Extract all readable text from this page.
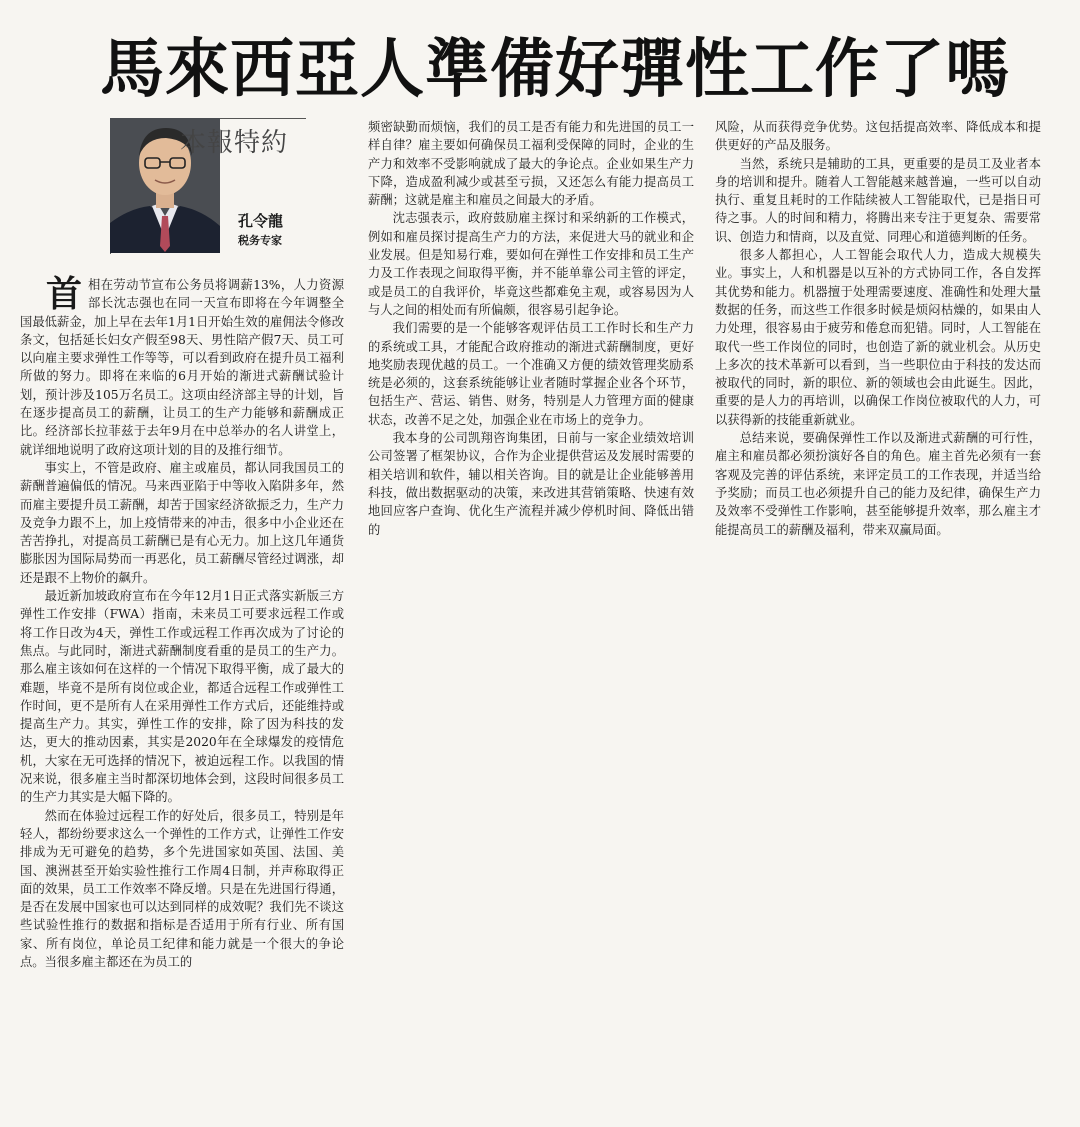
馬來西亞人準備好彈性工作了嗎
本報特約
孔令龍
税务专家

首相在劳动节宣布公务员将调薪13%，人力资源部长沈志强也在同一天宣布即将在今年调整全国最低薪金，加上早在去年1月1日开始生效的雇佣法令修改条文，包括延长妇女产假至98天、男性陪产假7天、员工可以向雇主要求弹性工作等等，可以看到政府在提升员工福利所做的努力。即将在来临的6月开始的渐进式薪酬试验计划，预计涉及105万名员工。这项由经济部主导的计划，旨在逐步提高员工的薪酬，让员工的生产力能够和薪酬成正比。经济部长拉菲兹于去年9月在中总举办的名人讲堂上，就详细地说明了政府这项计划的目的及推行细节。

事实上，不管是政府、雇主或雇员，都认同我国员工的薪酬普遍偏低的情况。马来西亚陷于中等收入陷阱多年，然而雇主要提升员工薪酬，却苦于国家经济欲振乏力，生产力及竞争力跟不上，加上疫情带来的冲击，很多中小企业还在苦苦挣扎，对提高员工薪酬已是有心无力。加上这几年通货膨胀因为国际局势而一再恶化，员工薪酬尽管经过调涨，却还是跟不上物价的飙升。

最近新加坡政府宣布在今年12月1日正式落实新版三方弹性工作安排（FWA）指南，未来员工可要求远程工作或将工作日改为4天，弹性工作或远程工作再次成为了讨论的焦点。与此同时，渐进式薪酬制度看重的是员工的生产力。那么雇主该如何在这样的一个情况下取得平衡，成了最大的难题，毕竟不是所有岗位或企业，都适合远程工作或弹性工作时间，更不是所有人在采用弹性工作方式后，还能维持或提高生产力。其实，弹性工作的安排，除了因为科技的发达，更大的推动因素，其实是2020年在全球爆发的疫情危机，大家在无可选择的情况下，被迫远程工作。以我国的情况来说，很多雇主当时都深切地体会到，这段时间很多员工的生产力其实是大幅下降的。

然而在体验过远程工作的好处后，很多员工，特别是年轻人，都纷纷要求这么一个弹性的工作方式，让弹性工作安排成为无可避免的趋势，多个先进国家如英国、法国、美国、澳洲甚至开始实验性推行工作周4日制，并声称取得正面的效果，员工工作效率不降反增。只是在先进国行得通，是否在发展中国家也可以达到同样的成效呢？我们先不谈这些试验性推行的数据和指标是否适用于所有行业、所有国家、所有岗位，单论员工纪律和能力就是一个很大的争论点。当很多雇主都还在为员工的

频密缺勤而烦恼，我们的员工是否有能力和先进国的员工一样自律？雇主要如何确保员工福利受保障的同时，企业的生产力和效率不受影响就成了最大的争论点。企业如果生产力下降，造成盈利减少或甚至亏损，又还怎么有能力提高员工薪酬；这就是雇主和雇员之间最大的矛盾。

沈志强表示，政府鼓励雇主探讨和采纳新的工作模式，例如和雇员探讨提高生产力的方法，来促进大马的就业和企业发展。但是知易行难，要如何在弹性工作安排和员工生产力及工作表现之间取得平衡，并不能单靠公司主管的评定，或是员工的自我评价，毕竟这些都难免主观，或容易因为人与人之间的相处而有所偏颇，很容易引起争论。

我们需要的是一个能够客观评估员工工作时长和生产力的系统或工具，才能配合政府推动的渐进式薪酬制度，更好地奖励表现优越的员工。一个准确又方便的绩效管理奖励系统是必须的，这套系统能够让业者随时掌握企业各个环节，包括生产、营运、销售、财务，特别是人力管理方面的健康状态，改善不足之处，加强企业在市场上的竞争力。

我本身的公司凯翔咨询集团，日前与一家企业绩效培训公司签署了框架协议，合作为企业提供营运及发展时需要的相关培训和软件，辅以相关咨询。目的就是让企业能够善用科技，做出数据驱动的决策，来改进其营销策略、快速有效地回应客户查询、优化生产流程并减少停机时间、降低出错的

风险，从而获得竞争优势。这包括提高效率、降低成本和提供更好的产品及服务。

当然，系统只是辅助的工具，更重要的是员工及业者本身的培训和提升。随着人工智能越来越普遍，一些可以自动执行、重复且耗时的工作陆续被人工智能取代，已是指日可待之事。人的时间和精力，将腾出来专注于更复杂、需要常识、创造力和情商，以及直觉、同理心和道德判断的任务。

很多人都担心，人工智能会取代人力，造成大规模失业。事实上，人和机器是以互补的方式协同工作，各自发挥其优势和能力。机器擅于处理需要速度、准确性和处理大量数据的任务，而这些工作很多时候是烦闷枯燥的，如果由人力处理，很容易由于疲劳和倦怠而犯错。同时，人工智能在取代一些工作岗位的同时，也创造了新的就业机会。从历史上多次的技术革新可以看到，当一些职位由于科技的发达而被取代的同时，新的职位、新的领域也会由此诞生。因此，重要的是人力的再培训，以确保工作岗位被取代的人力，可以获得新的技能重新就业。

总结来说，要确保弹性工作以及渐进式薪酬的可行性，雇主和雇员都必须扮演好各自的角色。雇主首先必须有一套客观及完善的评估系统，来评定员工的工作表现，并适当给予奖励；而员工也必须提升自己的能力及纪律，确保生产力及效率不受弹性工作影响，甚至能够提升效率，那么雇主才能提高员工的薪酬及福利，带来双赢局面。
